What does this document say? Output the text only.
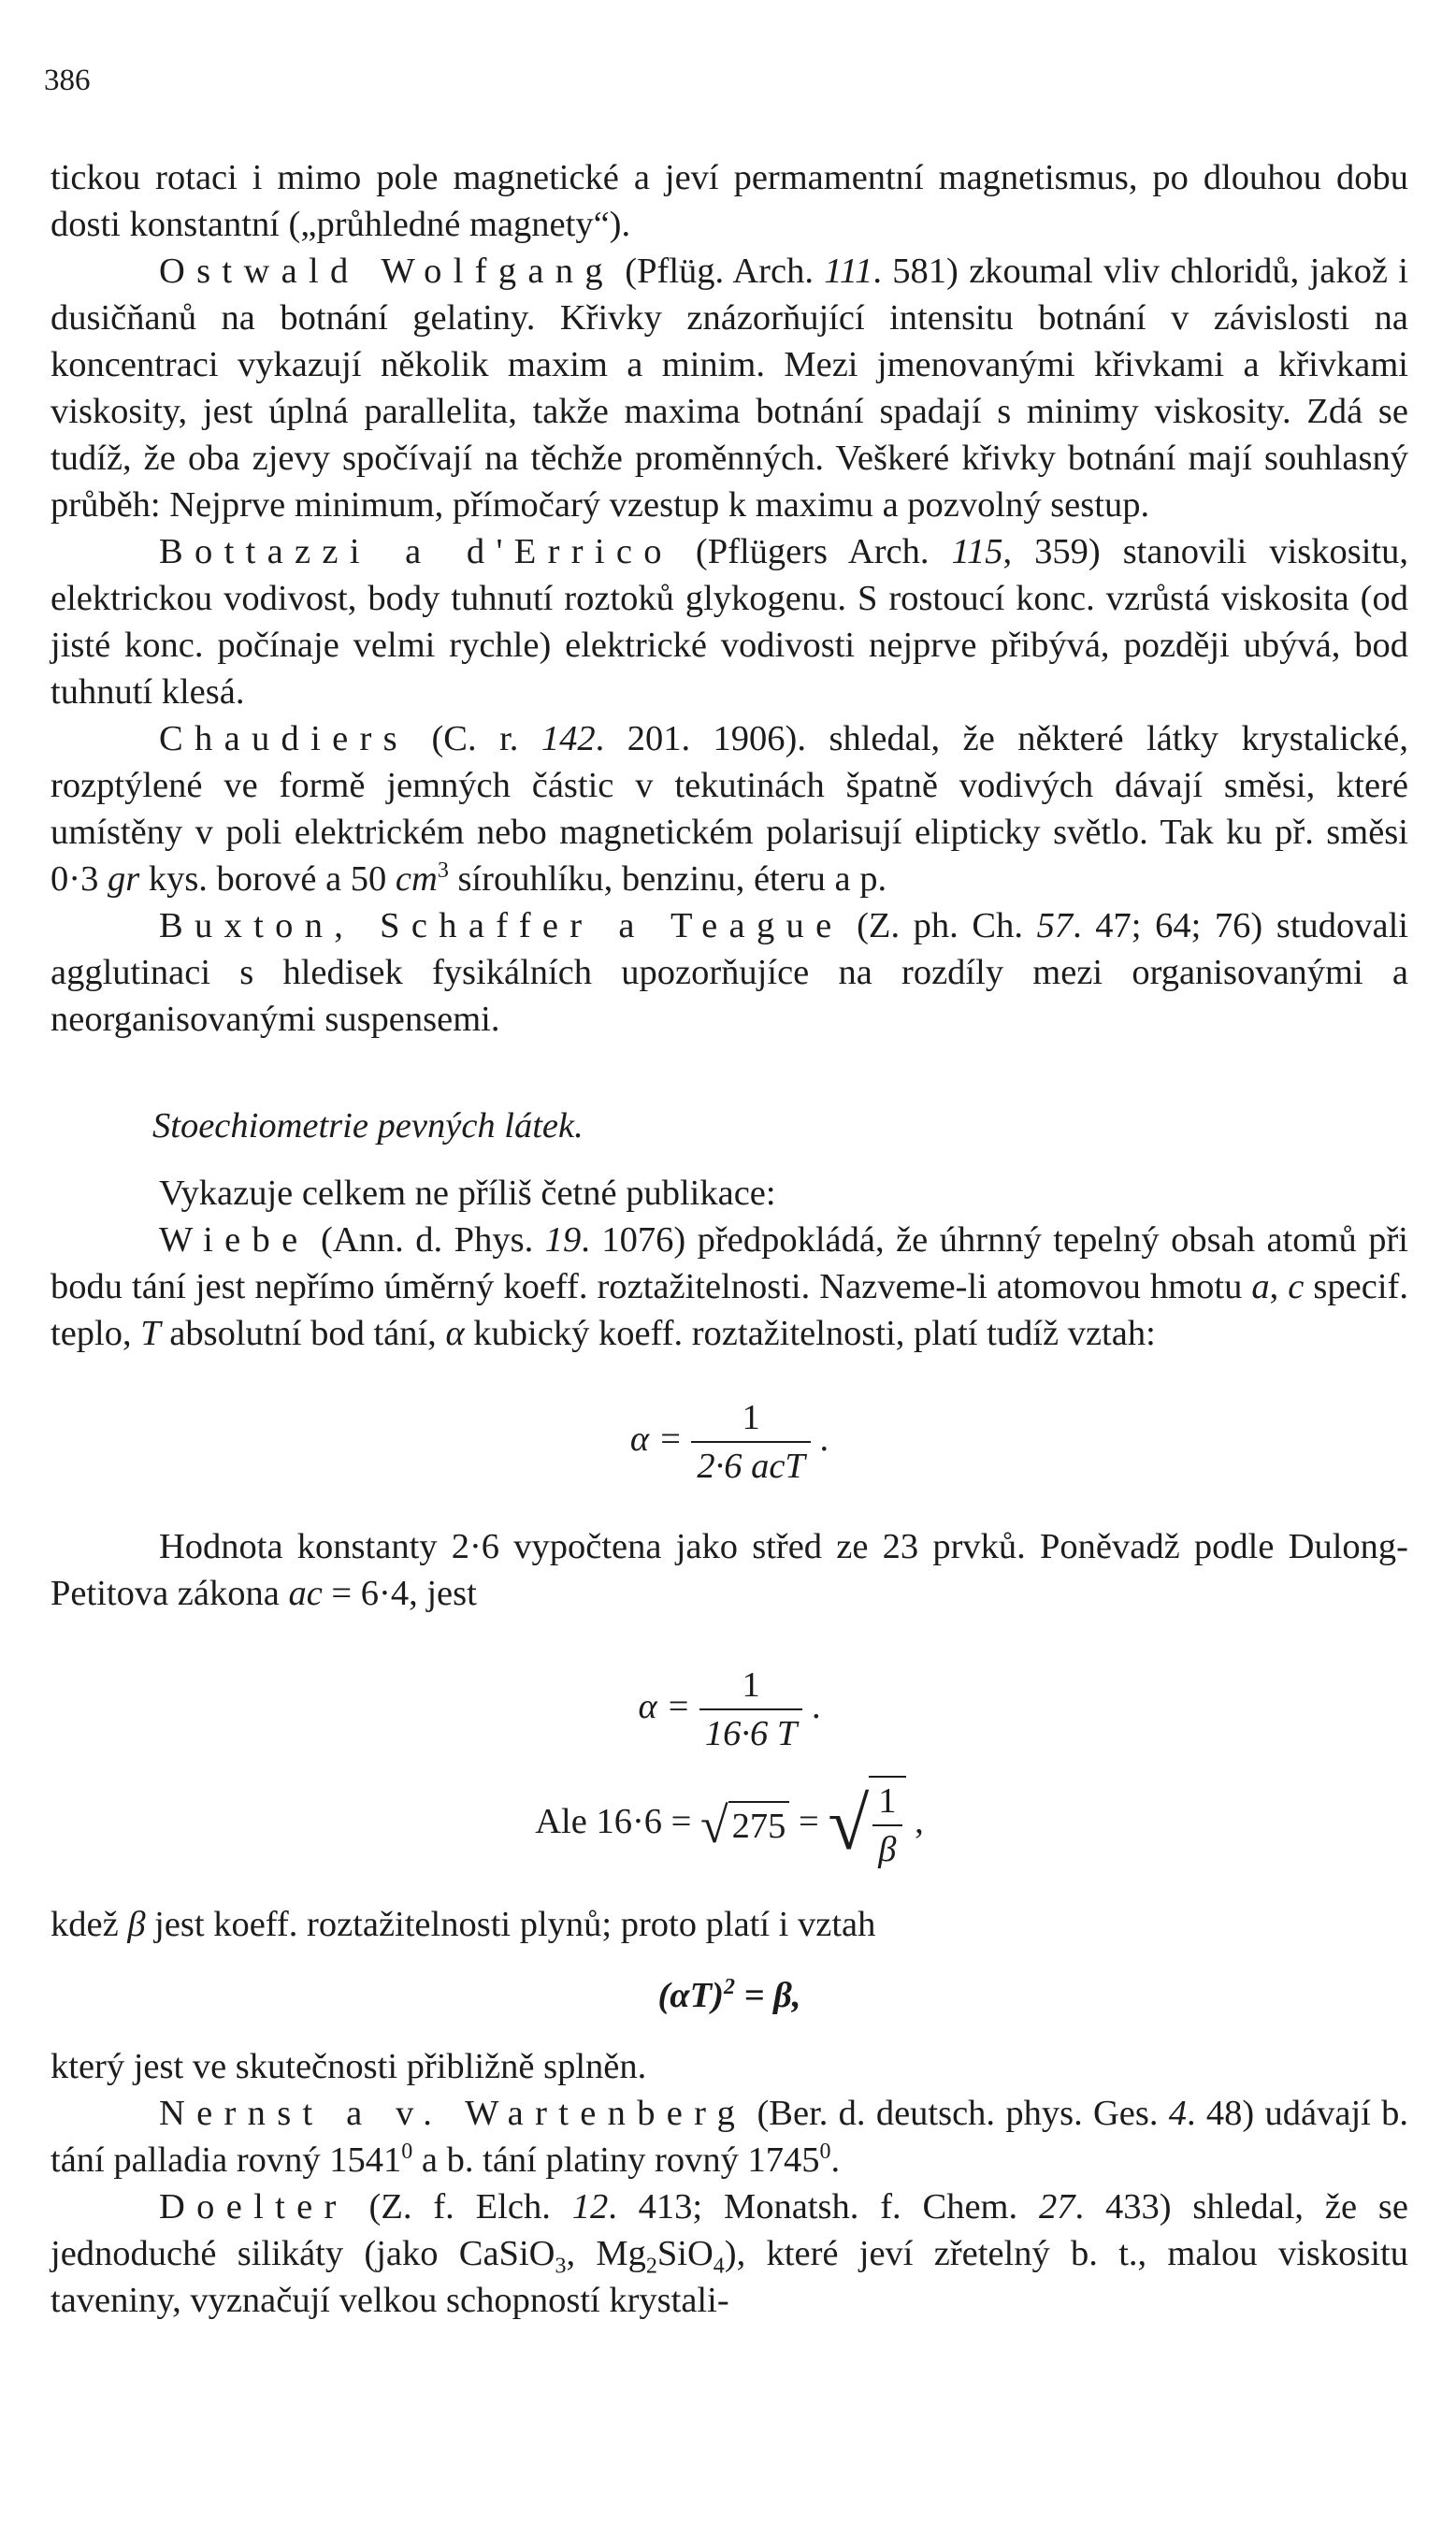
386

tickou rotaci i mimo pole magnetické a jeví permamentní magnetismus, po dlouhou dobu dosti konstantní („průhledné magnety“).

Ostwald Wolfgang (Pflüg. Arch. 111. 581) zkoumal vliv chloridů, jakož i dusičňanů na botnání gelatiny. Křivky znázorňující intensitu botnání v závislosti na koncentraci vykazují několik maxim a minim. Mezi jmenovanými křivkami a křivkami viskosity, jest úplná parallelita, takže maxima botnání spadají s minimy viskosity. Zdá se tudíž, že oba zjevy spočívají na těchže proměnných. Veškeré křivky botnání mají souhlasný průběh: Nejprve minimum, přímočarý vzestup k maximu a pozvolný sestup.

Bottazzi a d'Errico (Pflügers Arch. 115, 359) stanovili viskositu, elektrickou vodivost, body tuhnutí roztoků glykogenu. S rostoucí konc. vzrůstá viskosita (od jisté konc. počínaje velmi rychle) elektrické vodivosti nejprve přibývá, později ubývá, bod tuhnutí klesá.

Chaudiers (C. r. 142. 201. 1906). shledal, že některé látky krystalické, rozptýlené ve formě jemných částic v tekutinách špatně vodivých dávají směsi, které umístěny v poli elektrickém nebo magnetickém polarisují elipticky světlo. Tak ku př. směsi 0·3 gr kys. borové a 50 $cm^3$ sírouhlíku, benzinu, éteru a p.

Buxton, Schaffer a Teague (Z. ph. Ch. 57. 47; 64; 76) studovali agglutinaci s hledisek fysikálních upozorňujíce na rozdíly mezi organisovanými a neorganisovanými suspensemi.

Stoechiometrie pevných látek.

Vykazuje celkem ne příliš četné publikace:

Wiebe (Ann. d. Phys. 19. 1076) předpokládá, že úhrnný tepelný obsah atomů při bodu tání jest nepřímo úměrný koeff. roztažitelnosti. Nazveme-li atomovou hmotu a, c specif. teplo, T absolutní bod tání, α kubický koeff. roztažitelnosti, platí tudíž vztah:

$\alpha = \frac{1}{\text{2·6 acT}}$ .

Hodnota konstanty 2·6 vypočtena jako střed ze 23 prvků. Poněvadž podle Dulong-Petitova zákona ac = 6·4, jest

$\alpha = \frac{1}{16\cdot 6 T}$ .
Ale 16·6 = √ 275 = √ $\frac{1}{\beta}$ ,

kdež β jest koeff. roztažitelnosti plynů; proto platí i vztah

$(\alpha T)^2 = \beta$,

který jest ve skutečnosti přibližně splněn.

Nernst a v. Wartenberg (Ber. d. deutsch. phys. Ges. 4. 48) udávají b. tání palladia rovný 1541$^0$ a b. tání platiny rovný 1745$^0$.

Doelter (Z. f. Elch. 12. 413; Monatsh. f. Chem. 27. 433) shledal, že se jednoduché silikáty (jako CaSiO$_3$, $Mg_2SiO_4$), které jeví zřetelný b. t., malou viskositu taveniny, vyznačují velkou schopností krystali-
